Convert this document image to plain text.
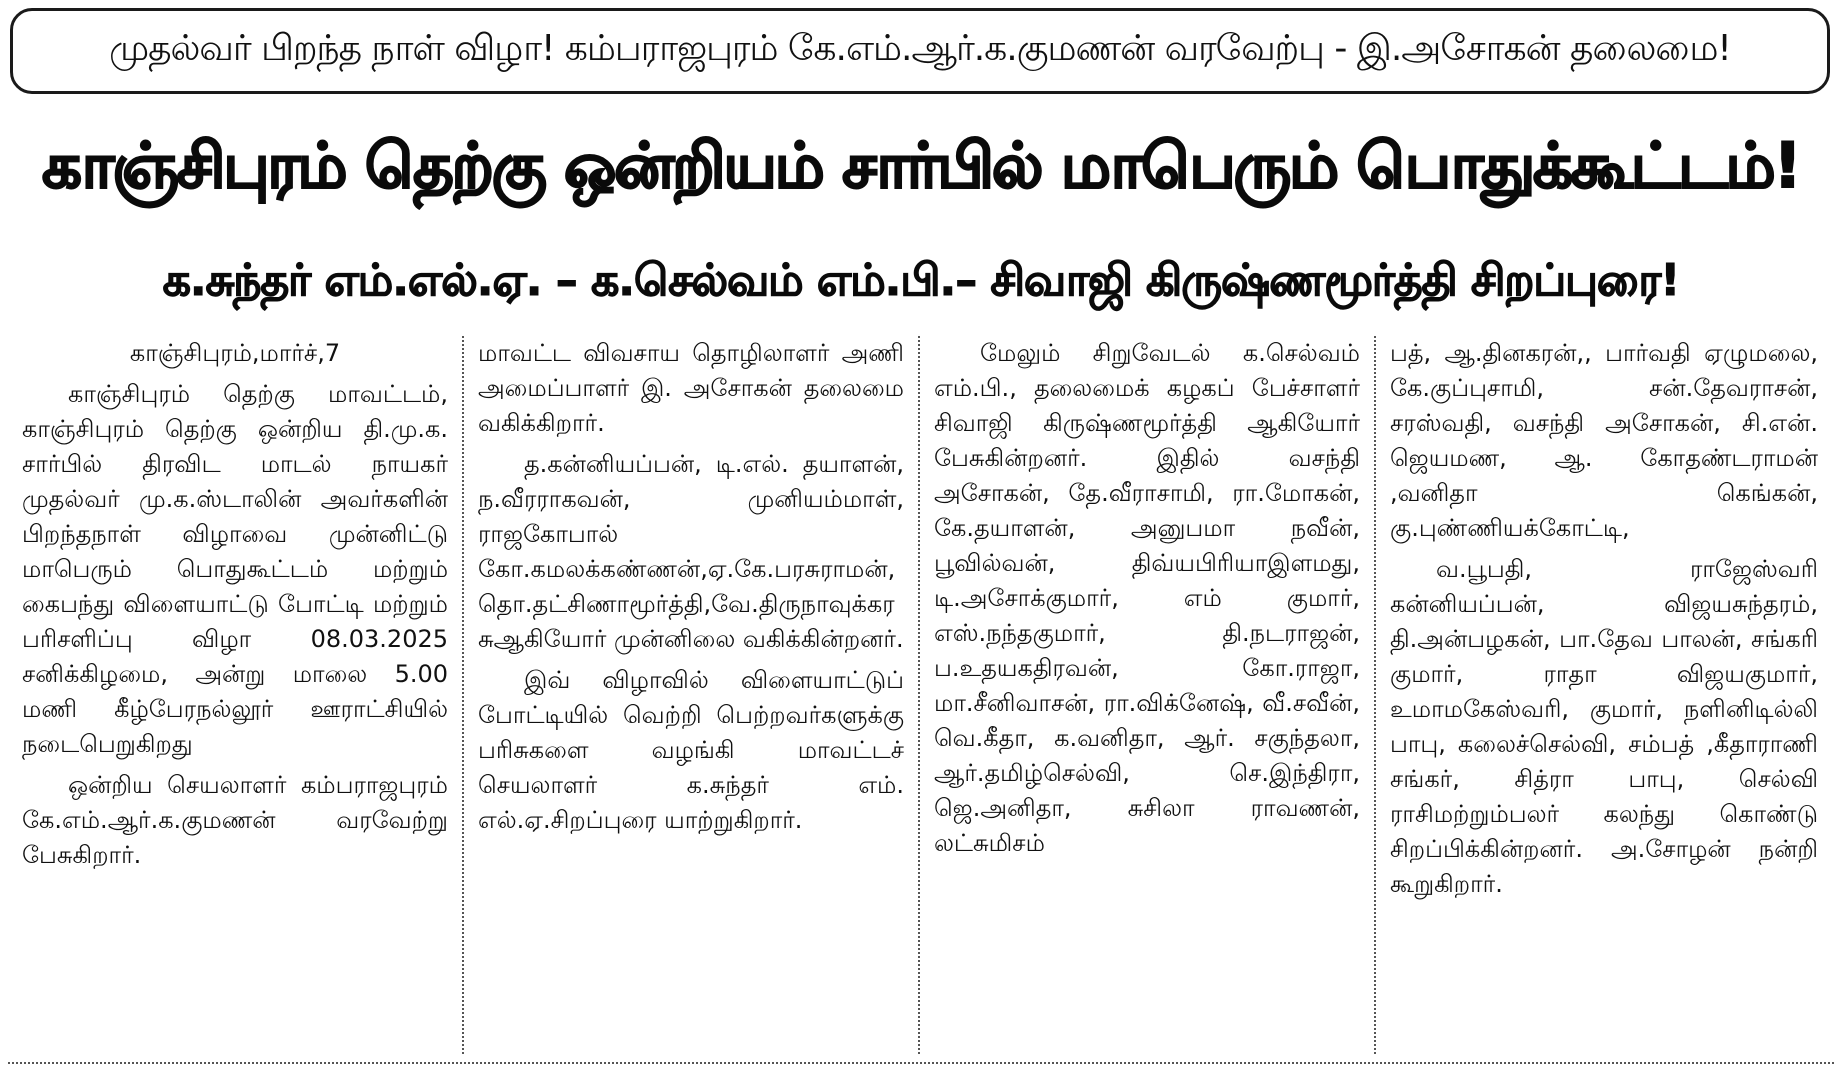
முதல்வர் பிறந்த நாள் விழா! கம்பராஜபுரம் கே.எம்.ஆர்.க.குமணன் வரவேற்பு - இ.அசோகன் தலைமை!
காஞ்சிபுரம் தெற்கு ஒன்றியம் சார்பில் மாபெரும் பொதுக்கூட்டம்!
க.சுந்தர் எம்.எல்.ஏ. – க.செல்வம் எம்.பி.– சிவாஜி கிருஷ்ணமூர்த்தி சிறப்புரை!

காஞ்சிபுரம்,மார்ச்,7

காஞ்சிபுரம் தெற்கு மாவட்டம், காஞ்சிபுரம் தெற்கு ஒன்றிய தி.மு.க. சார்பில் திரவிட மாடல் நாயகர் முதல்வர் மு.க.ஸ்டாலின் அவர்களின் பிறந்தநாள் விழாவை முன்னிட்டு மாபெரும் பொதுகூட்டம் மற்றும் கைபந்து விளையாட்டு போட்டி மற்றும் பரிசளிப்பு விழா 08.03.2025 சனிக்கிழமை, அன்று மாலை 5.00 மணி கீழ்பேரநல்லூர் ஊராட்சியில் நடைபெறுகிறது

ஒன்றிய செயலாளர் கம்பராஜபுரம் கே.எம்.ஆர்.க.குமணன் வரவேற்று பேசுகிறார்.

மாவட்ட விவசாய தொழிலாளர் அணி அமைப்பாளர் இ. அசோகன் தலைமை வகிக்கிறார்.

த.கன்னியப்பன், டி.எல். தயாளன், ந.வீரராகவன், முனியம்மாள், ராஜகோபால் கோ.கமலக்கண்ணன்,ஏ.கே.பரசுராமன்,தொ.தட்சிணாமூர்த்தி,வே.திருநாவுக்கரசுஆகியோர் முன்னிலை வகிக்கின்றனர்.

இவ் விழாவில் விளையாட்டுப் போட்டியில் வெற்றி பெற்றவர்களுக்கு பரிசுகளை வழங்கி மாவட்டச் செயலாளர் க.சுந்தர் எம். எல்.ஏ.சிறப்புரை யாற்றுகிறார்.

மேலும் சிறுவேடல் க.செல்வம் எம்.பி., தலைமைக் கழகப் பேச்சாளர் சிவாஜி கிருஷ்ணமூர்த்தி ஆகியோர் பேசுகின்றனர். இதில் வசந்தி அசோகன், தே.வீராசாமி, ரா.மோகன், கே.தயாளன், அனுபமா நவீன், பூவில்வன், திவ்யபிரியாஇளமது, டி.அசோக்குமார், எம் குமார், எஸ்.நந்தகுமார், தி.நடராஜன், ப.உதயகதிரவன், கோ.ராஜா, மா.சீனிவாசன், ரா.விக்னேஷ், வீ.சவீன், வெ.கீதா, க.வனிதா, ஆர். சகுந்தலா, ஆர்.தமிழ்செல்வி, செ.இந்திரா, ஜெ.அனிதா, சுசிலா ராவணன், லட்சுமிசம்

பத், ஆ.தினகரன்,, பார்வதி ஏழுமலை, கே.குப்புசாமி, சன்.தேவராசன், சரஸ்வதி, வசந்தி அசோகன், சி.என். ஜெயமண, ஆ. கோதண்டராமன் ,வனிதா கெங்கன், கு.புண்ணியக்கோட்டி,

வ.பூபதி, ராஜேஸ்வரி கன்னியப்பன், விஜயசுந்தரம், தி.அன்பழகன், பா.தேவ பாலன், சங்கரி குமார், ராதா விஜயகுமார், உமாமகேஸ்வரி, குமார், நளினிடில்லி பாபு, கலைச்செல்வி, சம்பத் ,கீதாராணி சங்கர், சித்ரா பாபு, செல்வி ராசிமற்றும்பலர் கலந்து கொண்டு சிறப்பிக்கின்றனர். அ.சோழன் நன்றி கூறுகிறார்.
